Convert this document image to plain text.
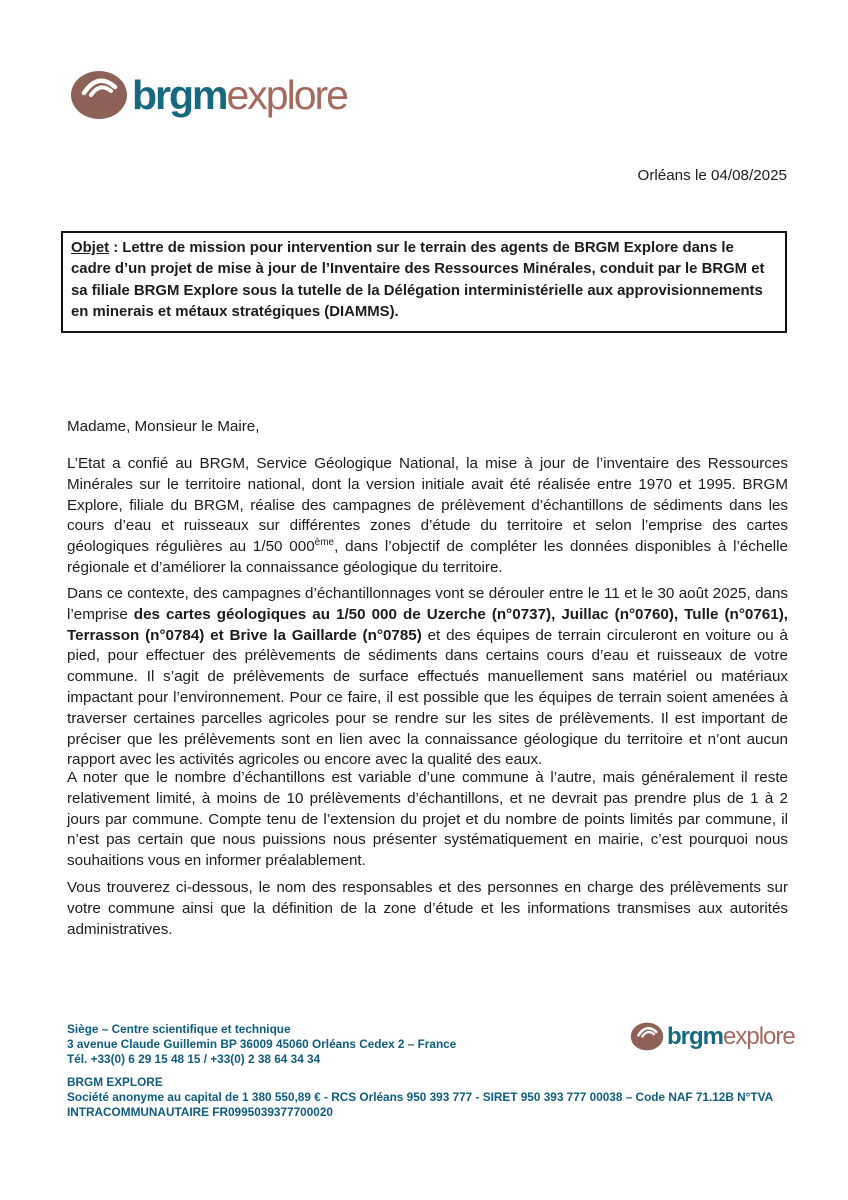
brgm explore
Orléans le 04/08/2025
Objet : Lettre de mission pour intervention sur le terrain des agents de BRGM Explore dans le cadre d’un projet de mise à jour de l’Inventaire des Ressources Minérales, conduit par le BRGM et sa filiale BRGM Explore sous la tutelle de la Délégation interministérielle aux approvisionnements en minerais et métaux stratégiques (DIAMMS).

Madame, Monsieur le Maire,

L’Etat a confié au BRGM, Service Géologique National, la mise à jour de l’inventaire des Ressources Minérales sur le territoire national, dont la version initiale avait été réalisée entre 1970 et 1995. BRGM Explore, filiale du BRGM, réalise des campagnes de prélèvement d’échantillons de sédiments dans les cours d’eau et ruisseaux sur différentes zones d’étude du territoire et selon l’emprise des cartes géologiques régulières au 1/50 000ème, dans l’objectif de compléter les données disponibles à l’échelle régionale et d’améliorer la connaissance géologique du territoire.

Dans ce contexte, des campagnes d’échantillonnages vont se dérouler entre le 11 et le 30 août 2025, dans l’emprise des cartes géologiques au 1/50 000 de Uzerche (n°0737), Juillac (n°0760), Tulle (n°0761), Terrasson (n°0784) et Brive la Gaillarde (n°0785) et des équipes de terrain circuleront en voiture ou à pied, pour effectuer des prélèvements de sédiments dans certains cours d’eau et ruisseaux de votre commune. Il s’agit de prélèvements de surface effectués manuellement sans matériel ou matériaux impactant pour l’environnement. Pour ce faire, il est possible que les équipes de terrain soient amenées à traverser certaines parcelles agricoles pour se rendre sur les sites de prélèvements. Il est important de préciser que les prélèvements sont en lien avec la connaissance géologique du territoire et n’ont aucun rapport avec les activités agricoles ou encore avec la qualité des eaux.

A noter que le nombre d’échantillons est variable d’une commune à l’autre, mais généralement il reste relativement limité, à moins de 10 prélèvements d’échantillons, et ne devrait pas prendre plus de 1 à 2 jours par commune. Compte tenu de l’extension du projet et du nombre de points limités par commune, il n’est pas certain que nous puissions nous présenter systématiquement en mairie, c’est pourquoi nous souhaitions vous en informer préalablement.

Vous trouverez ci-dessous, le nom des responsables et des personnes en charge des prélèvements sur votre commune ainsi que la définition de la zone d’étude et les informations transmises aux autorités administratives.

Siège – Centre scientifique et technique
3 avenue Claude Guillemin BP 36009 45060 Orléans Cedex 2 – France
Tél. +33(0) 6 29 15 48 15 / +33(0) 2 38 64 34 34
BRGM EXPLORE
Société anonyme au capital de 1 380 550,89 € - RCS Orléans 950 393 777 - SIRET 950 393 777 00038 – Code NAF 71.12B N°TVA
INTRACOMMUNAUTAIRE FR0995039377700020
brgm explore
